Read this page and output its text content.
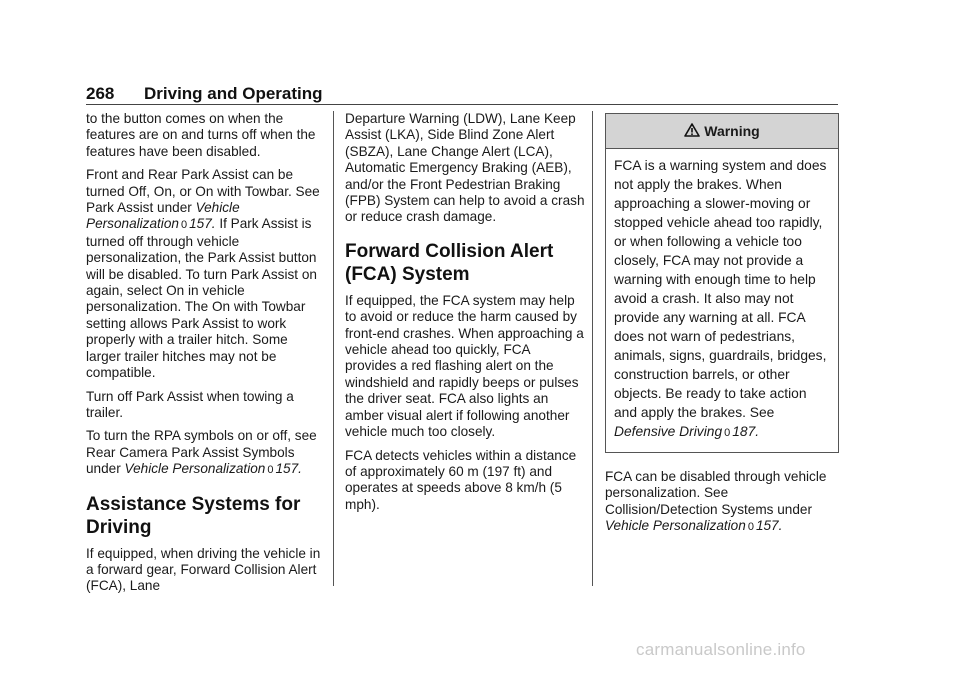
268 Driving and Operating

to the button comes on when the features are on and turns off when the features have been disabled.

Front and Rear Park Assist can be turned Off, On, or On with Towbar. See Park Assist under Vehicle Personalization 0 157. If Park Assist is turned off through vehicle personalization, the Park Assist button will be disabled. To turn Park Assist on again, select On in vehicle personalization. The On with Towbar setting allows Park Assist to work properly with a trailer hitch. Some larger trailer hitches may not be compatible.

Turn off Park Assist when towing a trailer.

To turn the RPA symbols on or off, see Rear Camera Park Assist Symbols under Vehicle Personalization 0 157.

Assistance Systems for Driving

If equipped, when driving the vehicle in a forward gear, Forward Collision Alert (FCA), Lane

Departure Warning (LDW), Lane Keep Assist (LKA), Side Blind Zone Alert (SBZA), Lane Change Alert (LCA), Automatic Emergency Braking (AEB), and/or the Front Pedestrian Braking (FPB) System can help to avoid a crash or reduce crash damage.

Forward Collision Alert (FCA) System

If equipped, the FCA system may help to avoid or reduce the harm caused by front-end crashes. When approaching a vehicle ahead too quickly, FCA provides a red flashing alert on the windshield and rapidly beeps or pulses the driver seat. FCA also lights an amber visual alert if following another vehicle much too closely.

FCA detects vehicles within a distance of approximately 60 m (197 ft) and operates at speeds above 8 km/h (5 mph).

Warning
FCA is a warning system and does not apply the brakes. When approaching a slower-moving or stopped vehicle ahead too rapidly, or when following a vehicle too closely, FCA may not provide a warning with enough time to help avoid a crash. It also may not provide any warning at all. FCA does not warn of pedestrians, animals, signs, guardrails, bridges, construction barrels, or other objects. Be ready to take action and apply the brakes. See Defensive Driving 0 187.

FCA can be disabled through vehicle personalization. See Collision/Detection Systems under Vehicle Personalization 0 157.

carmanualsonline.info
